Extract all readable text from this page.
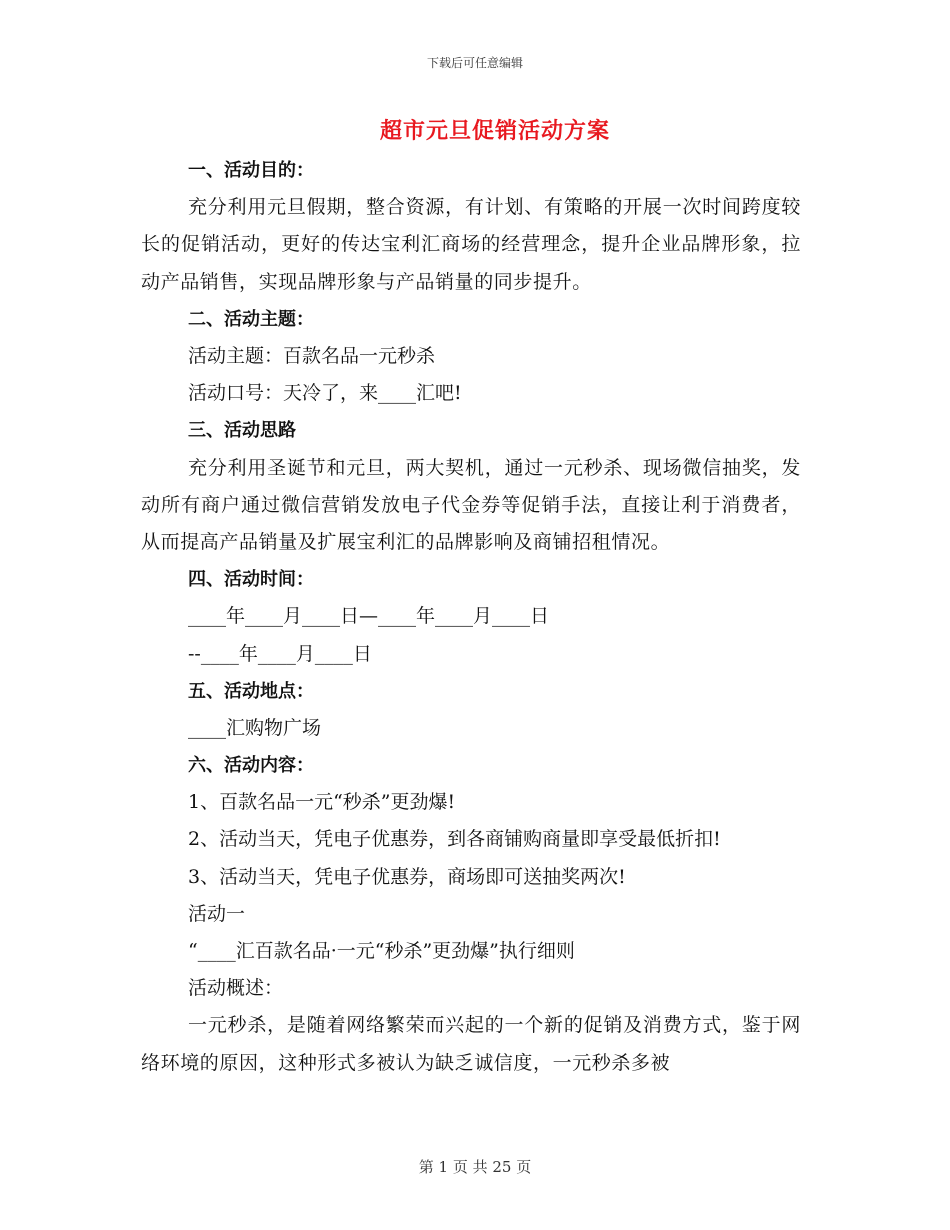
下载后可任意编辑
超市元旦促销活动方案
一、活动目的：
充分利用元旦假期，整合资源，有计划、有策略的开展一次时间跨度较长的促销活动，更好的传达宝利汇商场的经营理念，提升企业品牌形象，拉动产品销售，实现品牌形象与产品销量的同步提升。
二、活动主题：
活动主题：百款名品一元秒杀
活动口号：天冷了，来____汇吧!
三、活动思路
充分利用圣诞节和元旦，两大契机，通过一元秒杀、现场微信抽奖，发动所有商户通过微信营销发放电子代金券等促销手法，直接让利于消费者，从而提高产品销量及扩展宝利汇的品牌影响及商铺招租情况。
四、活动时间：
____年____月____日—____年____月____日
--____年____月____日
五、活动地点：
____汇购物广场
六、活动内容：
1、百款名品一元“秒杀”更劲爆!
2、活动当天，凭电子优惠券，到各商铺购商量即享受最低折扣!
3、活动当天，凭电子优惠券，商场即可送抽奖两次!
活动一
“____汇百款名品·一元“秒杀”更劲爆”执行细则
活动概述：
一元秒杀，是随着网络繁荣而兴起的一个新的促销及消费方式，鉴于网络环境的原因，这种形式多被认为缺乏诚信度，一元秒杀多被
第 1 页 共 25 页
